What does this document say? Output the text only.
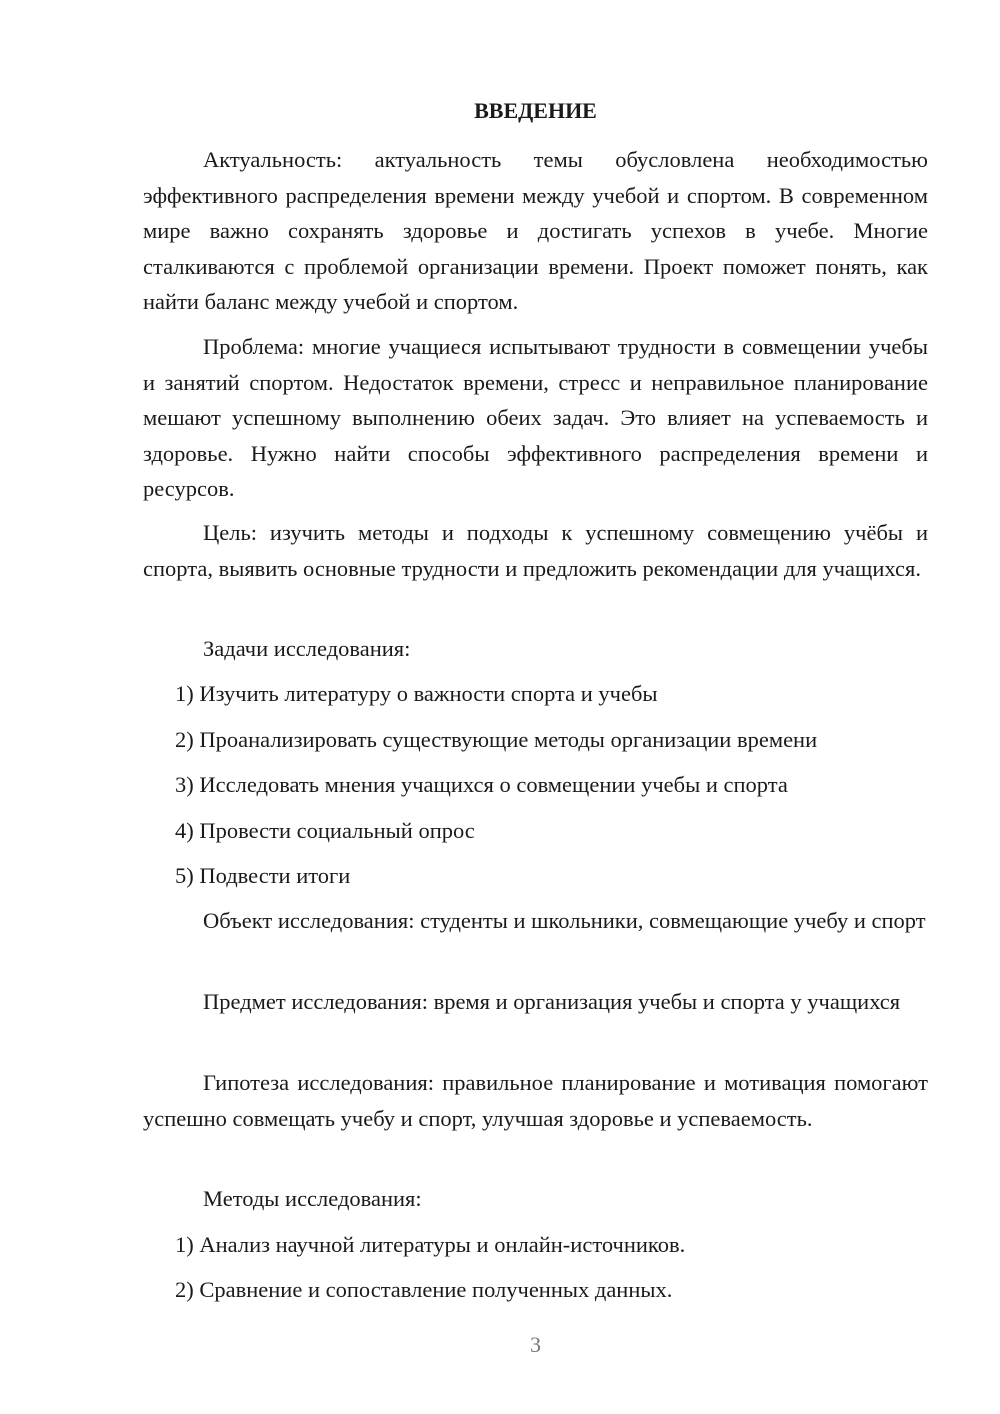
ВВЕДЕНИЕ

Актуальность: актуальность темы обусловлена необходимостью эффективного распределения времени между учебой и спортом. В современном мире важно сохранять здоровье и достигать успехов в учебе. Многие сталкиваются с проблемой организации времени. Проект поможет понять, как найти баланс между учебой и спортом.

Проблема: многие учащиеся испытывают трудности в совмещении учебы и занятий спортом. Недостаток времени, стресс и неправильное планирование мешают успешному выполнению обеих задач. Это влияет на успеваемость и здоровье. Нужно найти способы эффективного распределения времени и ресурсов.

Цель: изучить методы и подходы к успешному совмещению учёбы и спорта, выявить основные трудности и предложить рекомендации для учащихся.

Задачи исследования:

1) Изучить литературу о важности спорта и учебы
2) Проанализировать существующие методы организации времени
3) Исследовать мнения учащихся о совмещении учебы и спорта
4) Провести социальный опрос
5) Подвести итоги

Объект исследования: студенты и школьники, совмещающие учебу и спорт

Предмет исследования: время и организация учебы и спорта у учащихся

Гипотеза исследования: правильное планирование и мотивация помогают успешно совмещать учебу и спорт, улучшая здоровье и успеваемость.

Методы исследования:

1) Анализ научной литературы и онлайн-источников.
2) Сравнение и сопоставление полученных данных.
3
